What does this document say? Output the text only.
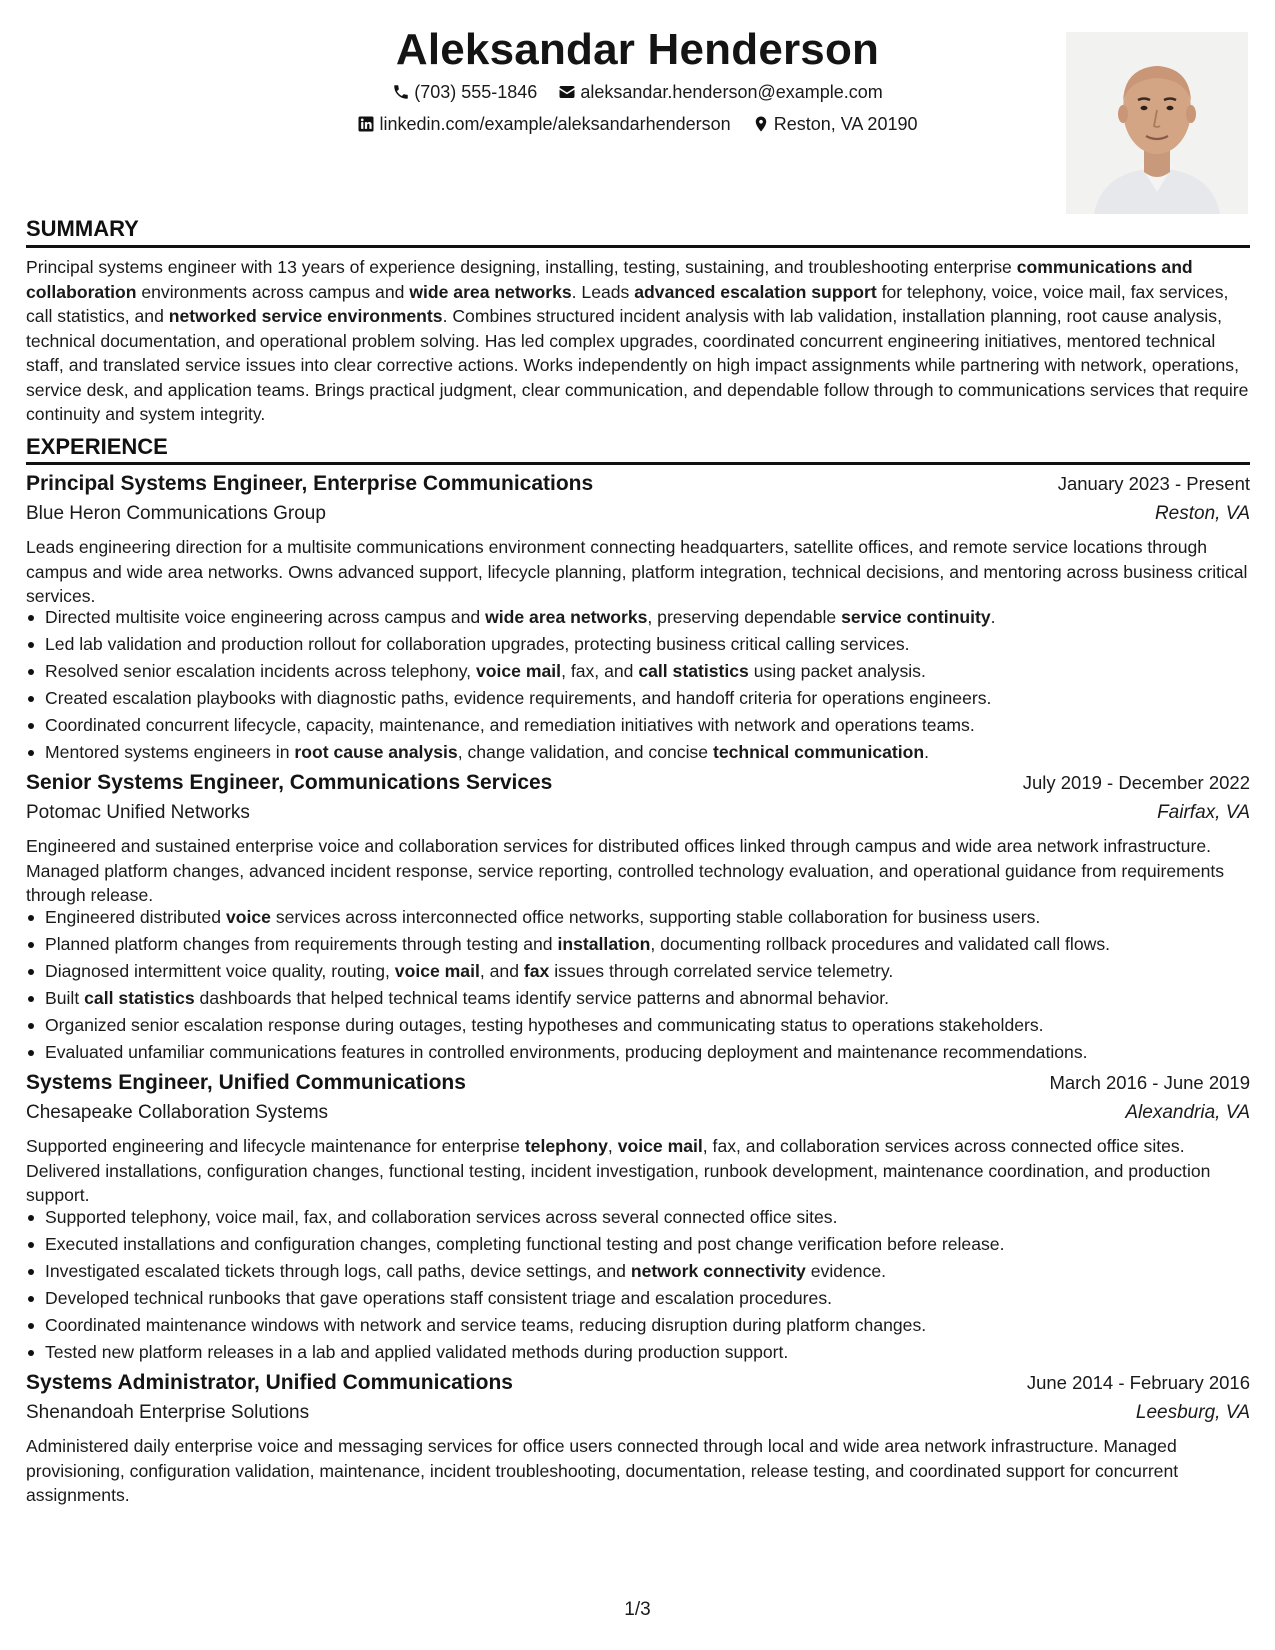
Aleksandar Henderson
(703) 555-1846
aleksandar.henderson@example.com
linkedin.com/example/aleksandarhenderson
Reston, VA 20190
SUMMARY
Principal systems engineer with 13 years of experience designing, installing, testing, sustaining, and troubleshooting enterprise communications and collaboration environments across campus and wide area networks. Leads advanced escalation support for telephony, voice, voice mail, fax services, call statistics, and networked service environments. Combines structured incident analysis with lab validation, installation planning, root cause analysis, technical documentation, and operational problem solving. Has led complex upgrades, coordinated concurrent engineering initiatives, mentored technical staff, and translated service issues into clear corrective actions. Works independently on high impact assignments while partnering with network, operations, service desk, and application teams. Brings practical judgment, clear communication, and dependable follow through to communications services that require continuity and system integrity.
EXPERIENCE
Principal Systems Engineer, Enterprise Communications	January 2023 - Present
Blue Heron Communications Group	Reston, VA
Leads engineering direction for a multisite communications environment connecting headquarters, satellite offices, and remote service locations through campus and wide area networks. Owns advanced support, lifecycle planning, platform integration, technical decisions, and mentoring across business critical services.
Directed multisite voice engineering across campus and wide area networks, preserving dependable service continuity.
Led lab validation and production rollout for collaboration upgrades, protecting business critical calling services.
Resolved senior escalation incidents across telephony, voice mail, fax, and call statistics using packet analysis.
Created escalation playbooks with diagnostic paths, evidence requirements, and handoff criteria for operations engineers.
Coordinated concurrent lifecycle, capacity, maintenance, and remediation initiatives with network and operations teams.
Mentored systems engineers in root cause analysis, change validation, and concise technical communication.
Senior Systems Engineer, Communications Services	July 2019 - December 2022
Potomac Unified Networks	Fairfax, VA
Engineered and sustained enterprise voice and collaboration services for distributed offices linked through campus and wide area network infrastructure. Managed platform changes, advanced incident response, service reporting, controlled technology evaluation, and operational guidance from requirements through release.
Engineered distributed voice services across interconnected office networks, supporting stable collaboration for business users.
Planned platform changes from requirements through testing and installation, documenting rollback procedures and validated call flows.
Diagnosed intermittent voice quality, routing, voice mail, and fax issues through correlated service telemetry.
Built call statistics dashboards that helped technical teams identify service patterns and abnormal behavior.
Organized senior escalation response during outages, testing hypotheses and communicating status to operations stakeholders.
Evaluated unfamiliar communications features in controlled environments, producing deployment and maintenance recommendations.
Systems Engineer, Unified Communications	March 2016 - June 2019
Chesapeake Collaboration Systems	Alexandria, VA
Supported engineering and lifecycle maintenance for enterprise telephony, voice mail, fax, and collaboration services across connected office sites. Delivered installations, configuration changes, functional testing, incident investigation, runbook development, maintenance coordination, and production support.
Supported telephony, voice mail, fax, and collaboration services across several connected office sites.
Executed installations and configuration changes, completing functional testing and post change verification before release.
Investigated escalated tickets through logs, call paths, device settings, and network connectivity evidence.
Developed technical runbooks that gave operations staff consistent triage and escalation procedures.
Coordinated maintenance windows with network and service teams, reducing disruption during platform changes.
Tested new platform releases in a lab and applied validated methods during production support.
Systems Administrator, Unified Communications	June 2014 - February 2016
Shenandoah Enterprise Solutions	Leesburg, VA
Administered daily enterprise voice and messaging services for office users connected through local and wide area network infrastructure. Managed provisioning, configuration validation, maintenance, incident troubleshooting, documentation, release testing, and coordinated support for concurrent assignments.
1/3
